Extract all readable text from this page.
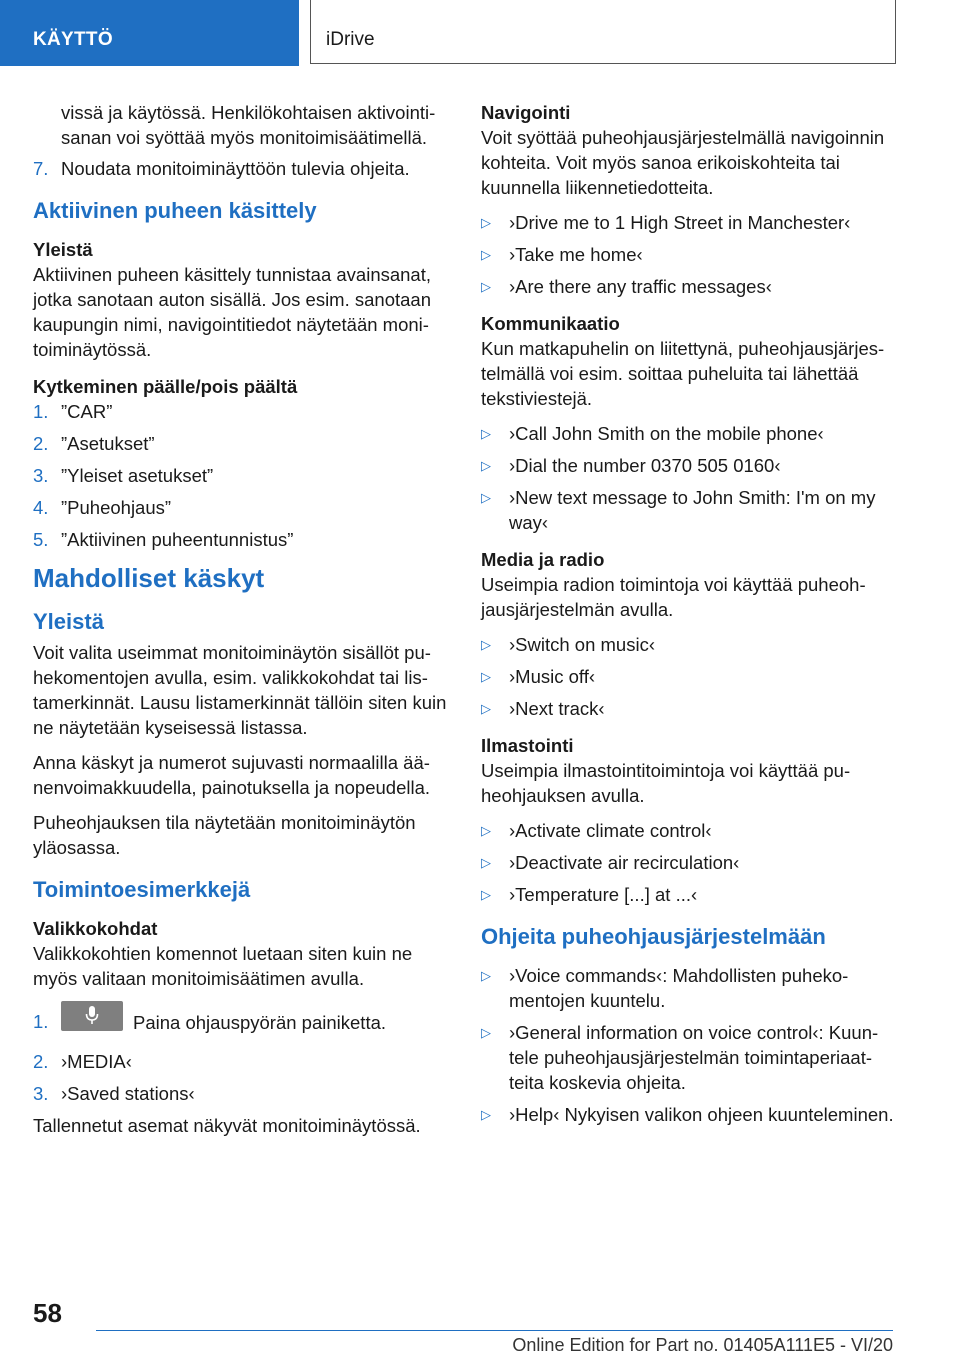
KÄYTTÖ	iDrive

vissä ja käytössä. Henkilökohtaisen aktivointisanan voi syöttää myös monitoimisäätimellä.

7. Noudata monitoiminäyttöön tulevia ohjeita.
Aktiivinen puheen käsittely

Yleistä

Aktiivinen puheen käsittely tunnistaa avainsanat, jotka sanotaan auton sisällä. Jos esim. sanotaan kaupungin nimi, navigointitiedot näytetään monitoiminäytössä.

Kytkeminen päälle/pois päältä

1. ”CAR”
2. ”Asetukset”
3. ”Yleiset asetukset”
4. ”Puheohjaus”
5. ”Aktiivinen puheentunnistus”
Mahdolliset käskyt
Yleistä

Voit valita useimmat monitoiminäytön sisällöt puhekomentojen avulla, esim. valikkokohdat tai listamerkinnät. Lausu listamerkinnät tällöin siten kuin ne näytetään kyseisessä listassa.

Anna käskyt ja numerot sujuvasti normaalilla äänenvoimakkuudella, painotuksella ja nopeudella.

Puheohjauksen tila näytetään monitoiminäytön yläosassa.

Toimintoesimerkkejä

Valikkokohdat

Valikkokohtien komennot luetaan siten kuin ne myös valitaan monitoimisäätimen avulla.

1.	Paina ohjauspyörän painiketta.
2. ›MEDIA‹
3. ›Saved stations‹

Tallennetut asemat näkyvät monitoiminäytössä.

Navigointi

Voit syöttää puheohjausjärjestelmällä navigoinnin kohteita. Voit myös sanoa erikoiskohteita tai kuunnella liikennetiedotteita.

▷ ›Drive me to 1 High Street in Manchester‹
▷ ›Take me home‹
▷ ›Are there any traffic messages‹

Kommunikaatio

Kun matkapuhelin on liitettynä, puheohjausjärjestelmällä voi esim. soittaa puheluita tai lähettää tekstiviestejä.

▷ ›Call John Smith on the mobile phone‹
▷ ›Dial the number 0370 505 0160‹
▷ ›New text message to John Smith: I'm on my way‹

Media ja radio

Useimpia radion toimintoja voi käyttää puheohjausjärjestelmän avulla.

▷ ›Switch on music‹
▷ ›Music off‹
▷ ›Next track‹

Ilmastointi

Useimpia ilmastointitoimintoja voi käyttää puheohjauksen avulla.

▷ ›Activate climate control‹
▷ ›Deactivate air recirculation‹
▷ ›Temperature [...] at ...‹
Ohjeita puheohjausjärjestelmään
▷ ›Voice commands‹: Mahdollisten puhekomentojen kuuntelu.
▷ ›General information on voice control‹: Kuuntele puheohjausjärjestelmän toimintaperiaatteita koskevia ohjeita.
▷ ›Help‹ Nykyisen valikon ohjeen kuunteleminen.
58
Online Edition for Part no. 01405A111E5 - VI/20
